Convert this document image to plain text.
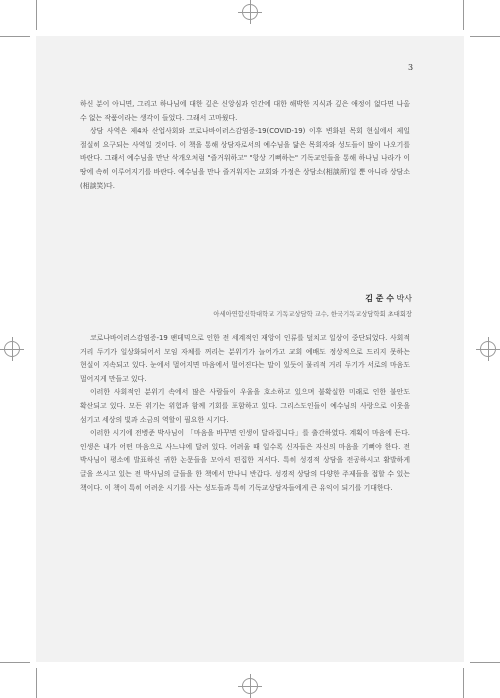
3

하신 분이 아니면, 그리고 하나님에 대한 깊은 신앙심과 인간에 대한 해박한 지식과 깊은 애정이 없다면 나올 수 없는 작품이라는 생각이 들었다. 그래서 고마웠다.

상담 사역은 제4차 산업사회와 코로나바이러스감염증-19(COVID-19) 이후 변화된 목회 현실에서 제일 절실히 요구되는 사역일 것이다. 이 책을 통해 상담자로서의 예수님을 닮은 목회자와 성도들이 많이 나오기를 바란다. 그래서 예수님을 만난 삭개오처럼 "즐거워하고" "항상 기뻐하는" 기독교인들을 통해 하나님 나라가 이 땅에 속히 이루어지기를 바란다. 예수님을 만나 즐거워지는 교회와 가정은 상담소(相談所)일 뿐 아니라 상담소(相談笑)다.

김 준 수 박사
아세아연합신학대학교 기독교상담학 교수, 한국기독교상담학회 초대회장

코로나바이러스감염증-19 팬데믹으로 인한 전 세계적인 재앙이 인류를 덮치고 일상이 중단되었다. 사회적 거리 두기가 일상화되어서 모임 자체를 꺼리는 분위기가 늘어가고 교회 예배도 정상적으로 드리지 못하는 현실이 지속되고 있다. 눈에서 멀어지면 마음에서 멀어진다는 말이 있듯이 물리적 거리 두기가 서로의 마음도 멀어지게 만들고 있다.

이러한 사회적인 분위기 속에서 많은 사람들이 우울을 호소하고 있으며 불확실한 미래로 인한 불안도 확산되고 있다. 모든 위기는 위험과 함께 기회를 포함하고 있다. 그리스도인들이 예수님의 사랑으로 이웃을 섬기고 세상의 빛과 소금의 역할이 필요한 시기다.

이러한 시기에 전병준 박사님이 「마음을 바꾸면 인생이 달라집니다」를 출간하였다. 계획이 마음에 든다. 인생은 내가 어떤 마음으로 사느냐에 달려 있다. 어려울 때 일수록 신자들은 자신의 마음을 기뻐야 한다. 전 박사님이 평소에 발표하신 귀한 논문들을 모아서 편집한 저서다. 특히 성경적 상담을 전공하시고 활발하게 글을 쓰시고 있는 전 박사님의 글들을 한 책에서 만나니 반갑다. 성경적 상담의 다양한 주제들을 접할 수 있는 책이다. 이 책이 특히 어려운 시기를 사는 성도들과 특히 기독교상담자들에게 큰 유익이 되기를 기대한다.
